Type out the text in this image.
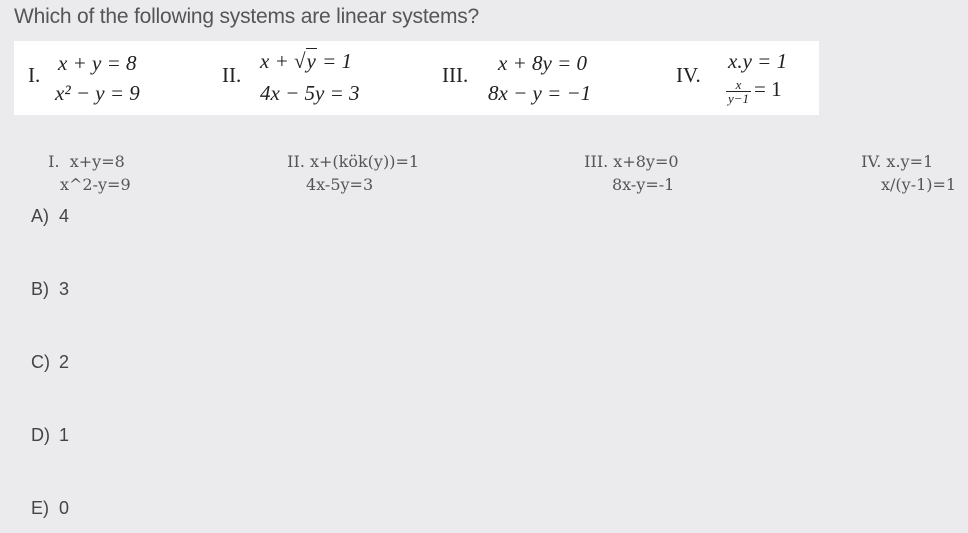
Which of the following systems are linear systems?
I. x + y = 8
x² − y = 9
II.
x + √y = 1
4x − 5y = 3
III. x + 8y = 0
8x − y = −1
IV.
x.y = 1
$\frac{x}{y-1} = 1$

I.  x+y=8
x^2-y=9

II. x+(kök(y))=1
4x-5y=3

III. x+8y=0
8x-y=-1

IV. x.y=1
x/(y-1)=1

A) 4
B) 3
C) 2
D) 1
E) 0
